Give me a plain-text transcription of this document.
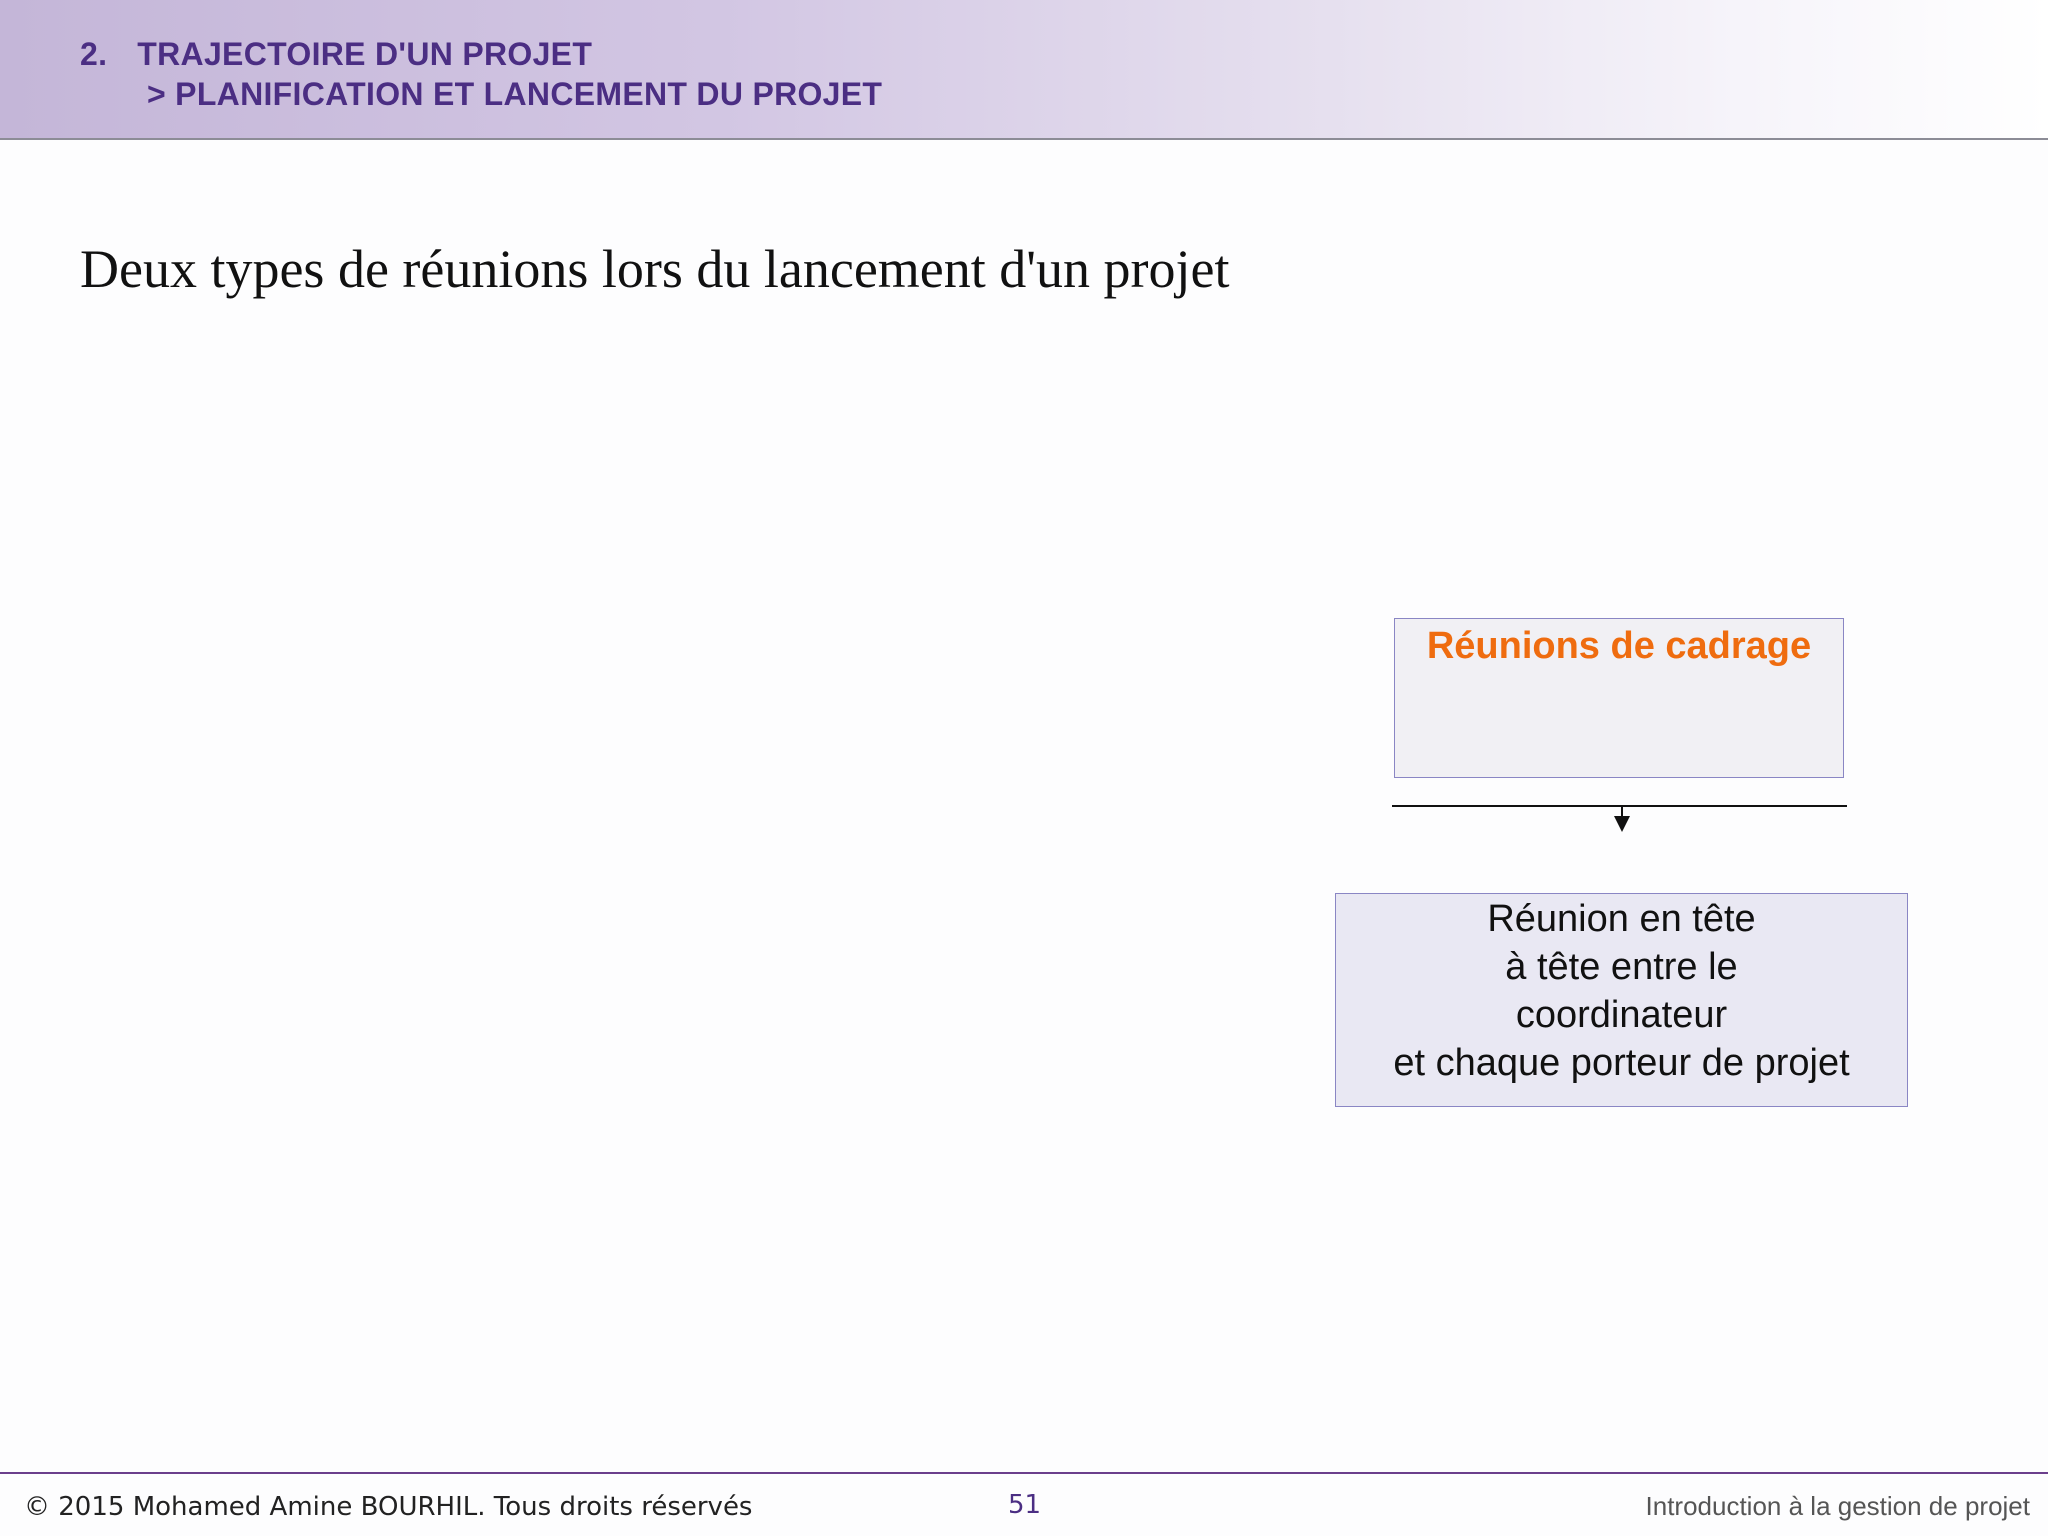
2. TRAJECTOIRE D'UN PROJET
> PLANIFICATION ET LANCEMENT DU PROJET
Deux types de réunions lors du lancement d'un projet
Réunions de cadrage
Réunion en tête
à tête entre le
coordinateur
et chaque porteur de projet
© 2015 Mohamed Amine BOURHIL. Tous droits réservés	51	Introduction à la gestion de projet
